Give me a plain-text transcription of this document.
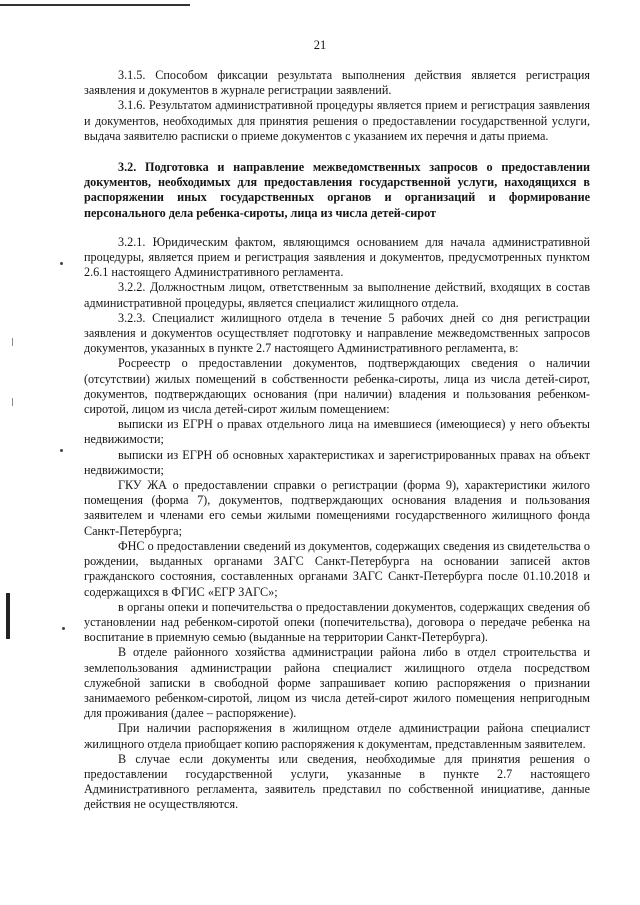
21

3.1.5. Способом фиксации результата выполнения действия является регистрация заявления и документов в журнале регистрации заявлений.

3.1.6. Результатом административной процедуры является прием и регистрация заявления и документов, необходимых для принятия решения о предоставлении государственной услуги, выдача заявителю расписки о приеме документов с указанием их перечня и даты приема.

3.2. Подготовка и направление межведомственных запросов о предоставлении документов, необходимых для предоставления государственной услуги, находящихся в распоряжении иных государственных органов и организаций и формирование персонального дела ребенка-сироты, лица из числа детей-сирот

3.2.1. Юридическим фактом, являющимся основанием для начала административной процедуры, является прием и регистрация заявления и документов, предусмотренных пунктом 2.6.1 настоящего Административного регламента.

3.2.2. Должностным лицом, ответственным за выполнение действий, входящих в состав административной процедуры, является специалист жилищного отдела.

3.2.3. Специалист жилищного отдела в течение 5 рабочих дней со дня регистрации заявления и документов осуществляет подготовку и направление межведомственных запросов документов, указанных в пункте 2.7 настоящего Административного регламента, в:

Росреестр о предоставлении документов, подтверждающих сведения о наличии (отсутствии) жилых помещений в собственности ребенка-сироты, лица из числа детей-сирот, документов, подтверждающих основания (при наличии) владения и пользования ребенком-сиротой, лицом из числа детей-сирот жилым помещением:

выписки из ЕГРН о правах отдельного лица на имевшиеся (имеющиеся) у него объекты недвижимости;

выписки из ЕГРН об основных характеристиках и зарегистрированных правах на объект недвижимости;

ГКУ ЖА о предоставлении справки о регистрации (форма 9), характеристики жилого помещения (форма 7), документов, подтверждающих основания владения и пользования заявителем и членами его семьи жилыми помещениями государственного жилищного фонда Санкт-Петербурга;

ФНС о предоставлении сведений из документов, содержащих сведения из свидетельства о рождении, выданных органами ЗАГС Санкт-Петербурга на основании записей актов гражданского состояния, составленных органами ЗАГС Санкт-Петербурга после 01.10.2018 и содержащихся в ФГИС «ЕГР ЗАГС»;

в органы опеки и попечительства о предоставлении документов, содержащих сведения об установлении над ребенком-сиротой опеки (попечительства), договора о передаче ребенка на воспитание в приемную семью (выданные на территории Санкт-Петербурга).

В отделе районного хозяйства администрации района либо в отдел строительства и землепользования администрации района специалист жилищного отдела посредством служебной записки в свободной форме запрашивает копию распоряжения о признании занимаемого ребенком-сиротой, лицом из числа детей-сирот жилого помещения непригодным для проживания (далее – распоряжение).

При наличии распоряжения в жилищном отделе администрации района специалист жилищного отдела приобщает копию распоряжения к документам, представленным заявителем.

В случае если документы или сведения, необходимые для принятия решения о предоставлении государственной услуги, указанные в пункте 2.7 настоящего Административного регламента, заявитель представил по собственной инициативе, данные действия не осуществляются.
